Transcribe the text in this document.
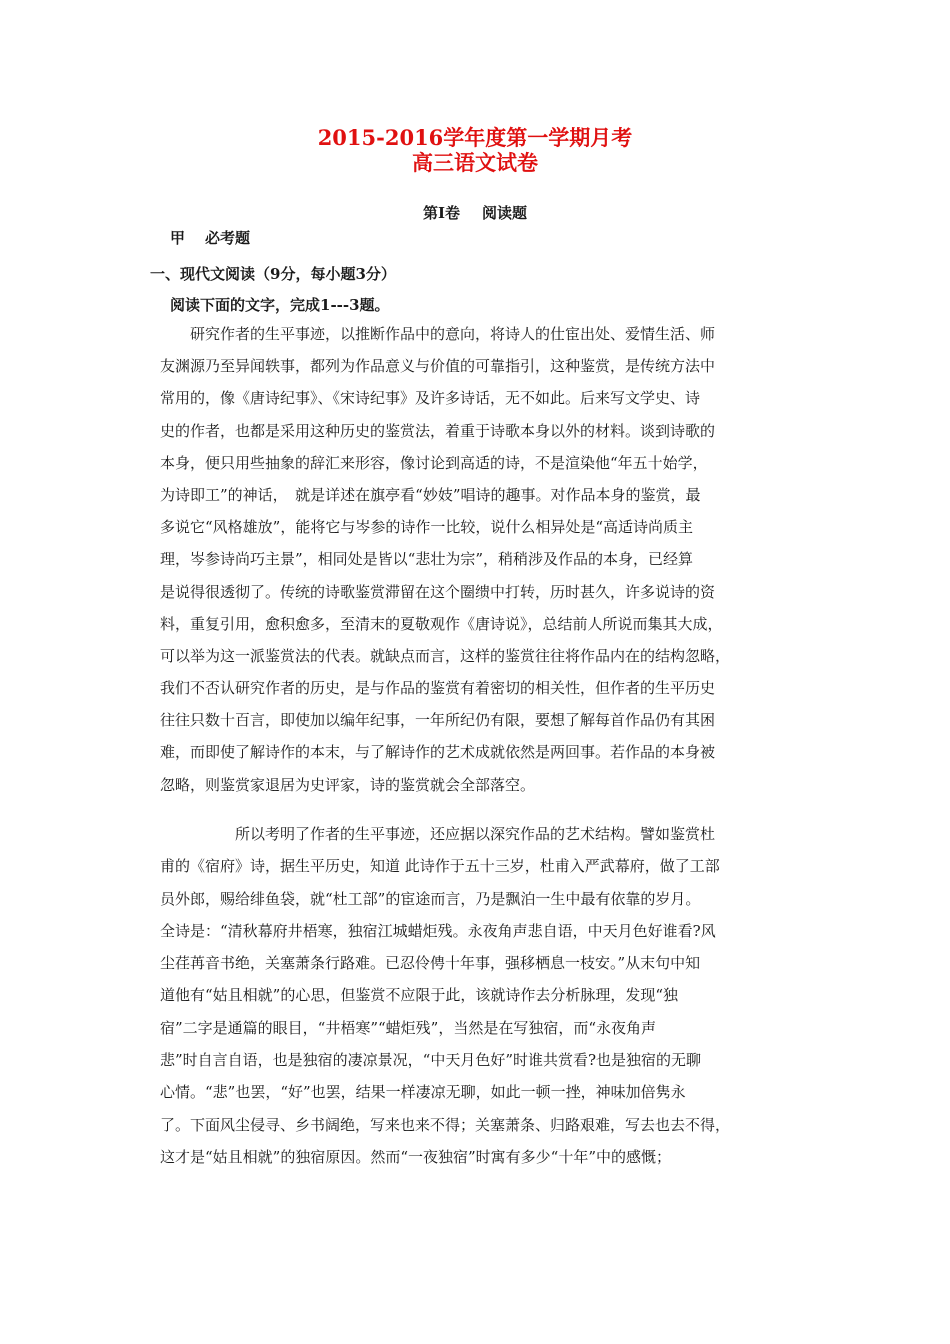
2015-2016学年度第一学期月考
高三语文试卷
第Ⅰ卷 阅读题
甲 必考题
一、现代文阅读（9分，每小题3分）
阅读下面的文字，完成1---3题。
　　研究作者的生平事迹，以推断作品中的意向，将诗人的仕宦出处、爱情生活、师
友渊源乃至异闻轶事，都列为作品意义与价值的可靠指引，这种鉴赏，是传统方法中
常用的，像《唐诗纪事》、《宋诗纪事》及许多诗话，无不如此。后来写文学史、诗
史的作者，也都是采用这种历史的鉴赏法，着重于诗歌本身以外的材料。谈到诗歌的
本身，便只用些抽象的辞汇来形容，像讨论到高适的诗，不是渲染他“年五十始学，
为诗即工”的神话，　就是详述在旗亭看“妙妓”唱诗的趣事。对作品本身的鉴赏，最
多说它“风格雄放”，能将它与岑参的诗作一比较，说什么相异处是“高适诗尚质主
理，岑参诗尚巧主景”，相同处是皆以“悲壮为宗”，稍稍涉及作品的本身，已经算
是说得很透彻了。传统的诗歌鉴赏滞留在这个圈缋中打转，历时甚久，许多说诗的资
料，重复引用，愈积愈多，至清末的夏敬观作《唐诗说》，总结前人所说而集其大成，
可以举为这一派鉴赏法的代表。就缺点而言，这样的鉴赏往往将作品内在的结构忽略，
我们不否认研究作者的历史，是与作品的鉴赏有着密切的相关性，但作者的生平历史
往往只数十百言，即使加以编年纪事，一年所纪仍有限，要想了解每首作品仍有其困
难，而即使了解诗作的本末，与了解诗作的艺术成就依然是两回事。若作品的本身被
忽略，则鉴赏家退居为史评家，诗的鉴赏就会全部落空。
　　　　　所以考明了作者的生平事迹，还应据以深究作品的艺术结构。譬如鉴赏杜
甫的《宿府》诗，据生平历史，知道 此诗作于五十三岁，杜甫入严武幕府，做了工部
员外郎，赐给绯鱼袋，就“杜工部”的宦途而言，乃是飘泊一生中最有依靠的岁月。
全诗是：“清秋幕府井梧寒，独宿江城蜡炬残。永夜角声悲自语，中天月色好谁看?风
尘荏苒音书绝，关塞萧条行路难。已忍伶俜十年事，强移栖息一枝安。”从末句中知
道他有“姑且相就”的心思，但鉴赏不应限于此，该就诗作去分析脉理，发现“独
宿”二字是通篇的眼目，“井梧寒”“蜡炬残”，当然是在写独宿，而“永夜角声
悲”时自言自语，也是独宿的凄凉景况，“中天月色好”时谁共赏看?也是独宿的无聊
心情。“悲”也罢，“好”也罢，结果一样凄凉无聊，如此一顿一挫，神味加倍隽永
了。下面风尘侵寻、乡书阔绝，写来也来不得；关塞萧条、归路艰难，写去也去不得，
这才是“姑且相就”的独宿原因。然而“一夜独宿”时寓有多少“十年”中的感慨；
